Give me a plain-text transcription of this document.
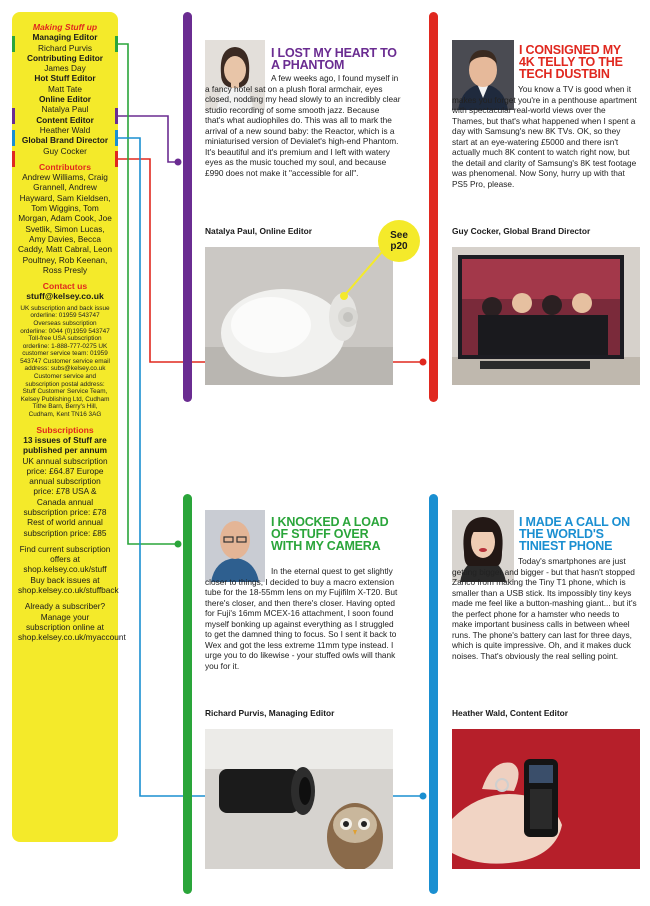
Making Stuff up
Managing Editor
Richard Purvis
Contributing Editor
James Day
Hot Stuff Editor
Matt Tate
Online Editor
Natalya Paul
Content Editor
Heather Wald
Global Brand Director
Guy Cocker
Contributors
Andrew Williams, Craig Grannell, Andrew Hayward, Sam Kieldsen, Tom Wiggins, Tom Morgan, Adam Cook, Joe Svetlik, Simon Lucas, Amy Davies, Becca Caddy, Matt Cabral, Leon Poultney, Rob Keenan, Ross Presly
Contact us
stuff@kelsey.co.uk
UK subscription and back issue orderline: 01959 543747 Overseas subscription orderline: 0044 (0)1959 543747 Toll-free USA subscription orderline: 1-888-777-0275 UK customer service team: 01959 543747 Customer service email address: subs@kelsey.co.uk Customer service and subscription postal address: Stuff Customer Service Team, Kelsey Publishing Ltd, Cudham Tithe Barn, Berry's Hill, Cudham, Kent TN16 3AG
Subscriptions
13 issues of Stuff are published per annum
UK annual subscription price: £64.87 Europe annual subscription price: £78 USA & Canada annual subscription price: £78 Rest of world annual subscription price: £85
Find current subscription offers at shop.kelsey.co.uk/stuff Buy back issues at shop.kelsey.co.uk/stuffback
Already a subscriber? Manage your subscription online at shop.kelsey.co.uk/myaccount
I LOST MY HEART TO A PHANTOM
A few weeks ago, I found myself in a fancy hotel sat on a plush floral armchair, eyes closed, nodding my head slowly to an incredibly clear studio recording of some smooth jazz. Because that's what audiophiles do. This was all to mark the arrival of a new sound baby: the Reactor, which is a miniaturised version of Devialet's high-end Phantom. It's beautiful and it's premium and I left with watery eyes as the music touched my soul, and because £990 does not make it "accessible for all".
Natalya Paul, Online Editor	See p20
I CONSIGNED MY 4K TELLY TO THE TECH DUSTBIN
You know a TV is good when it makes you forget you're in a penthouse apartment with spectacular real-world views over the Thames, but that's what happened when I spent a day with Samsung's new 8K TVs. OK, so they start at an eye-watering £5000 and there isn't actually much 8K content to watch right now, but the detail and clarity of Samsung's 8K test footage was phenomenal. Now Sony, hurry up with that PS5 Pro, please.
Guy Cocker, Global Brand Director
I KNOCKED A LOAD OF STUFF OVER WITH MY CAMERA
In the eternal quest to get slightly closer to things, I decided to buy a macro extension tube for the 18-55mm lens on my Fujifilm X-T20. But there's closer, and then there's closer. Having opted for Fuji's 16mm MCEX-16 attachment, I soon found myself bonking up against everything as I struggled to get the damned thing to focus. So I sent it back to Wex and got the less extreme 11mm type instead. I urge you to do likewise - your stuffed owls will thank you for it.
Richard Purvis, Managing Editor
I MADE A CALL ON THE WORLD'S TINIEST PHONE
Today's smartphones are just getting bigger and bigger - but that hasn't stopped Zanco from making the Tiny T1 phone, which is smaller than a USB stick. Its impossibly tiny keys made me feel like a button-mashing giant... but it's the perfect phone for a hamster who needs to make important business calls in between wheel runs. The phone's battery can last for three days, which is quite impressive. Oh, and it makes duck noises. That's obviously the real selling point.
Heather Wald, Content Editor
